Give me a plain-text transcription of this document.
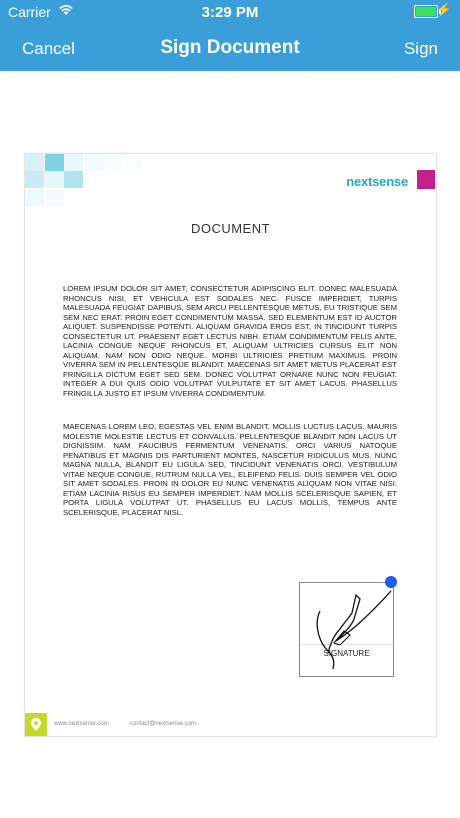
Carrier	3:29 PM	⚡
Cancel	Sign Document	Sign
nextsense
DOCUMENT
LOREM IPSUM DOLOR SIT AMET, CONSECTETUR ADIPISCING ELIT. DONEC MALESUADA RHONCUS NISI, ET VEHICULA EST SODALES NEC. FUSCE IMPERDIET, TURPIS MALESUADA FEUGIAT DAPIBUS, SEM ARCU PELLENTESQUE METUS, EU TRISTIQUE SEM SEM NEC ERAT. PROIN EGET CONDIMENTUM MASSA. SED ELEMENTUM EST ID AUCTOR ALIQUET. SUSPENDISSE POTENTI. ALIQUAM GRAVIDA EROS EST, IN TINCIDUNT TURPIS CONSECTETUR UT. PRAESENT EGET LECTUS NIBH. ETIAM CONDIMENTUM FELIS ANTE, LACINIA CONGUE NEQUE RHONCUS ET. ALIQUAM ULTRICIES CURSUS ELIT NON ALIQUAM. NAM NON ODIO NEQUE. MORBI ULTRICIES PRETIUM MAXIMUS. PROIN VIVERRA SEM IN PELLENTESQUE BLANDIT. MAECENAS SIT AMET METUS PLACERAT EST FRINGILLA DICTUM EGET SED SEM. DONEC VOLUTPAT ORNARE NUNC NON FEUGIAT. INTEGER A DUI QUIS ODIO VOLUTPAT VULPUTATE ET SIT AMET LACUS. PHASELLUS FRINGILLA JUSTO ET IPSUM VIVERRA CONDIMENTUM.
MAECENAS LOREM LEO, EGESTAS VEL ENIM BLANDIT, MOLLIS LUCTUS LACUS. MAURIS MOLESTIE MOLESTIE LECTUS ET CONVALLIS. PELLENTESQUE BLANDIT NON LACUS UT DIGNISSIM. NAM FAUCIBUS FERMENTUM VENENATIS. ORCI VARIUS NATOQUE PENATIBUS ET MAGNIS DIS PARTURIENT MONTES, NASCETUR RIDICULUS MUS. NUNC MAGNA NULLA, BLANDIT EU LIGULA SED, TINCIDUNT VENENATIS ORCI. VESTIBULUM VITAE NEQUE CONGUE, RUTRUM NULLA VEL, ELEIFEND FELIS. DUIS SEMPER VEL ODIO SIT AMET SODALES. PROIN IN DOLOR EU NUNC VENENATIS ALIQUAM NON VITAE NISI. ETIAM LACINIA RISUS EU SEMPER IMPERDIET. NAM MOLLIS SCELERISQUE SAPIEN, ET PORTA LIGULA VOLUTPAT UT. PHASELLUS EU LACUS MOLLIS, TEMPUS ANTE SCELERISQUE, PLACERAT NISL.
SIGNATURE
www.nextsense.com	contact@nextsense.com
